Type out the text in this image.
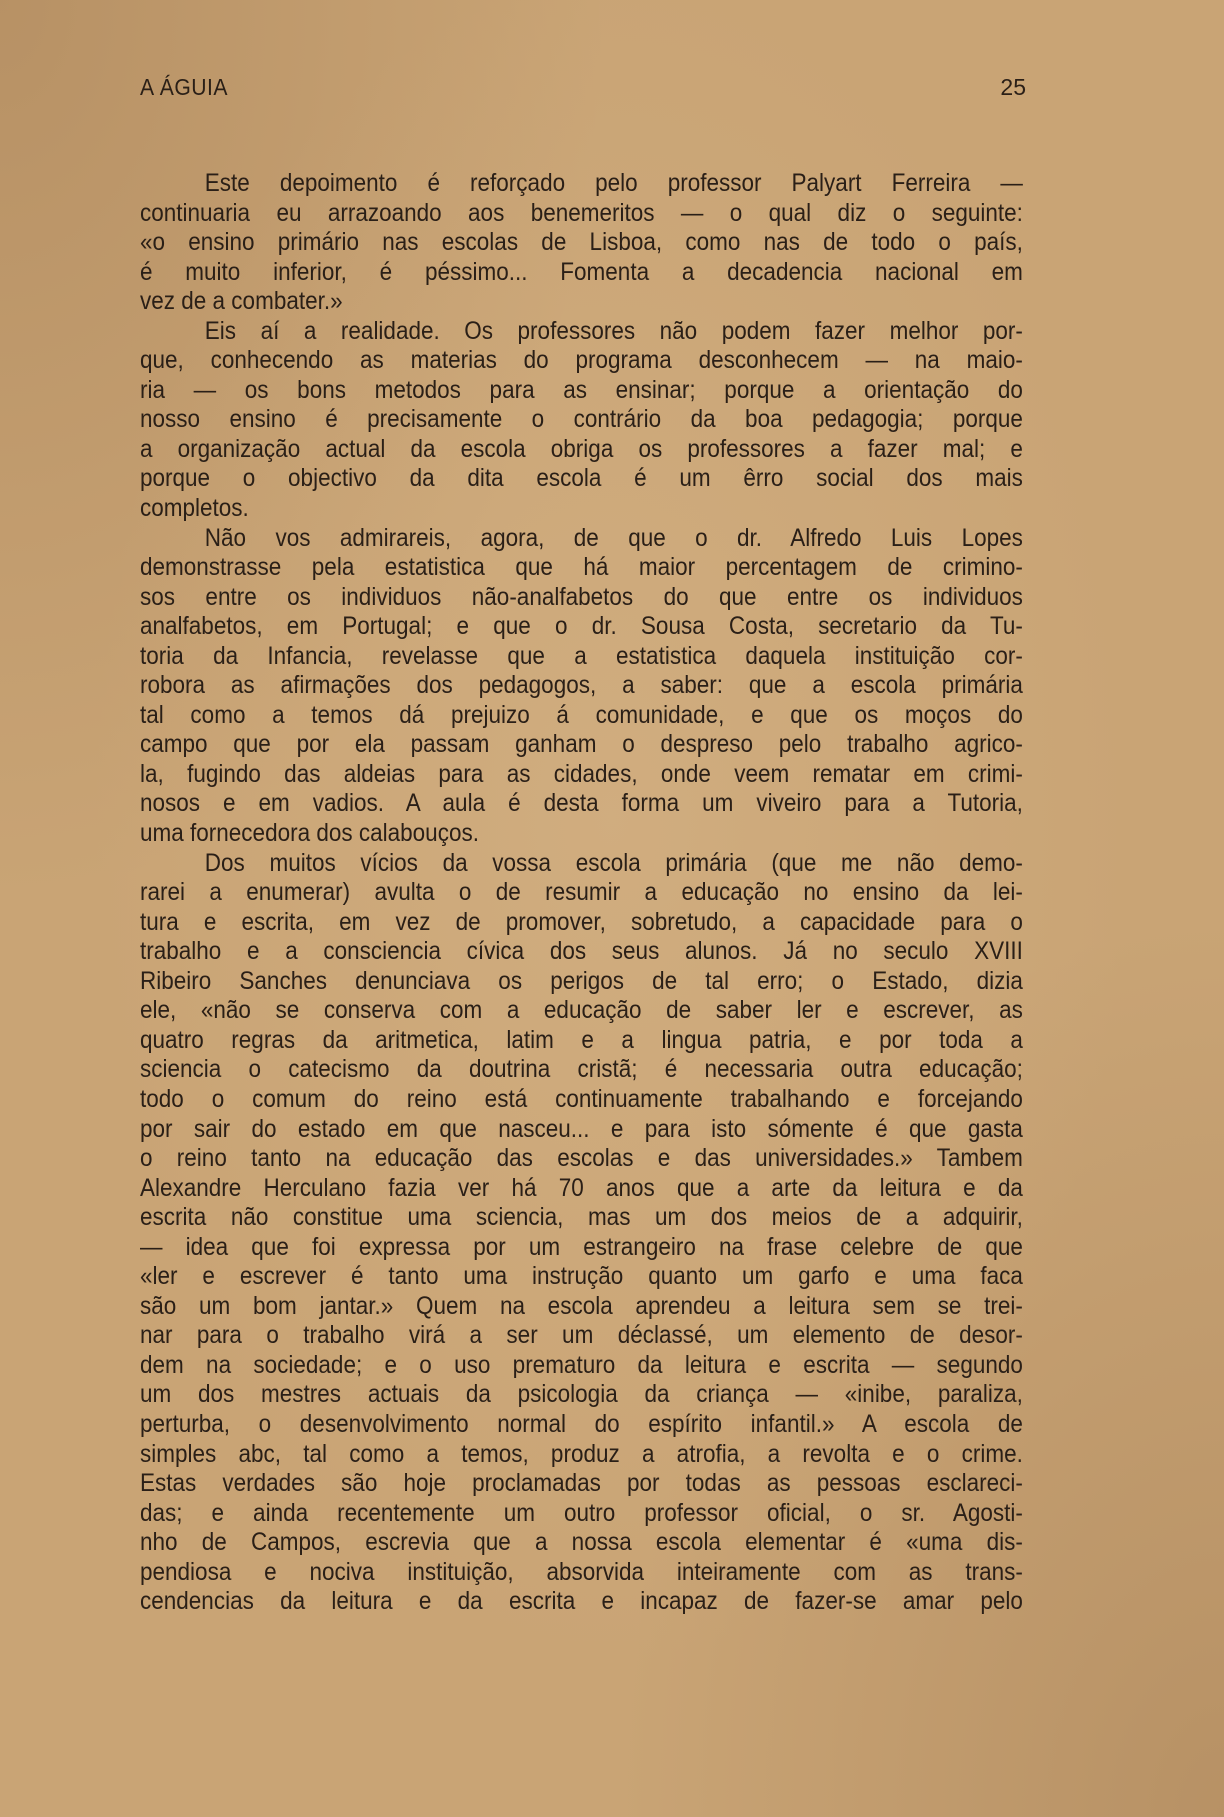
A ÁGUIA	25
Este depoimento é reforçado pelo professor Palyart Ferreira —
continuaria eu arrazoando aos benemeritos — o qual diz o seguinte:
«o ensino primário nas escolas de Lisboa, como nas de todo o país,
é muito inferior, é péssimo... Fomenta a decadencia nacional em
vez de a combater.»
Eis aí a realidade. Os professores não podem fazer melhor por-
que, conhecendo as materias do programa desconhecem — na maio-
ria — os bons metodos para as ensinar; porque a orientação do
nosso ensino é precisamente o contrário da boa pedagogia; porque
a organização actual da escola obriga os professores a fazer mal; e
porque o objectivo da dita escola é um êrro social dos mais
completos.
Não vos admirareis, agora, de que o dr. Alfredo Luis Lopes
demonstrasse pela estatistica que há maior percentagem de crimino-
sos entre os individuos não-analfabetos do que entre os individuos
analfabetos, em Portugal; e que o dr. Sousa Costa, secretario da Tu-
toria da Infancia, revelasse que a estatistica daquela instituição cor-
robora as afirmações dos pedagogos, a saber: que a escola primária
tal como a temos dá prejuizo á comunidade, e que os moços do
campo que por ela passam ganham o despreso pelo trabalho agrico-
la, fugindo das aldeias para as cidades, onde veem rematar em crimi-
nosos e em vadios. A aula é desta forma um viveiro para a Tutoria,
uma fornecedora dos calabouços.
Dos muitos vícios da vossa escola primária (que me não demo-
rarei a enumerar) avulta o de resumir a educação no ensino da lei-
tura e escrita, em vez de promover, sobretudo, a capacidade para o
trabalho e a consciencia cívica dos seus alunos. Já no seculo XVIII
Ribeiro Sanches denunciava os perigos de tal erro; o Estado, dizia
ele, «não se conserva com a educação de saber ler e escrever, as
quatro regras da aritmetica, latim e a lingua patria, e por toda a
sciencia o catecismo da doutrina cristã; é necessaria outra educação;
todo o comum do reino está continuamente trabalhando e forcejando
por sair do estado em que nasceu... e para isto sómente é que gasta
o reino tanto na educação das escolas e das universidades.» Tambem
Alexandre Herculano fazia ver há 70 anos que a arte da leitura e da
escrita não constitue uma sciencia, mas um dos meios de a adquirir,
— idea que foi expressa por um estrangeiro na frase celebre de que
«ler e escrever é tanto uma instrução quanto um garfo e uma faca
são um bom jantar.» Quem na escola aprendeu a leitura sem se trei-
nar para o trabalho virá a ser um déclassé, um elemento de desor-
dem na sociedade; e o uso prematuro da leitura e escrita — segundo
um dos mestres actuais da psicologia da criança — «inibe, paraliza,
perturba, o desenvolvimento normal do espírito infantil.» A escola de
simples abc, tal como a temos, produz a atrofia, a revolta e o crime.
Estas verdades são hoje proclamadas por todas as pessoas esclareci-
das; e ainda recentemente um outro professor oficial, o sr. Agosti-
nho de Campos, escrevia que a nossa escola elementar é «uma dis-
pendiosa e nociva instituição, absorvida inteiramente com as trans-
cendencias da leitura e da escrita e incapaz de fazer-se amar pelo
